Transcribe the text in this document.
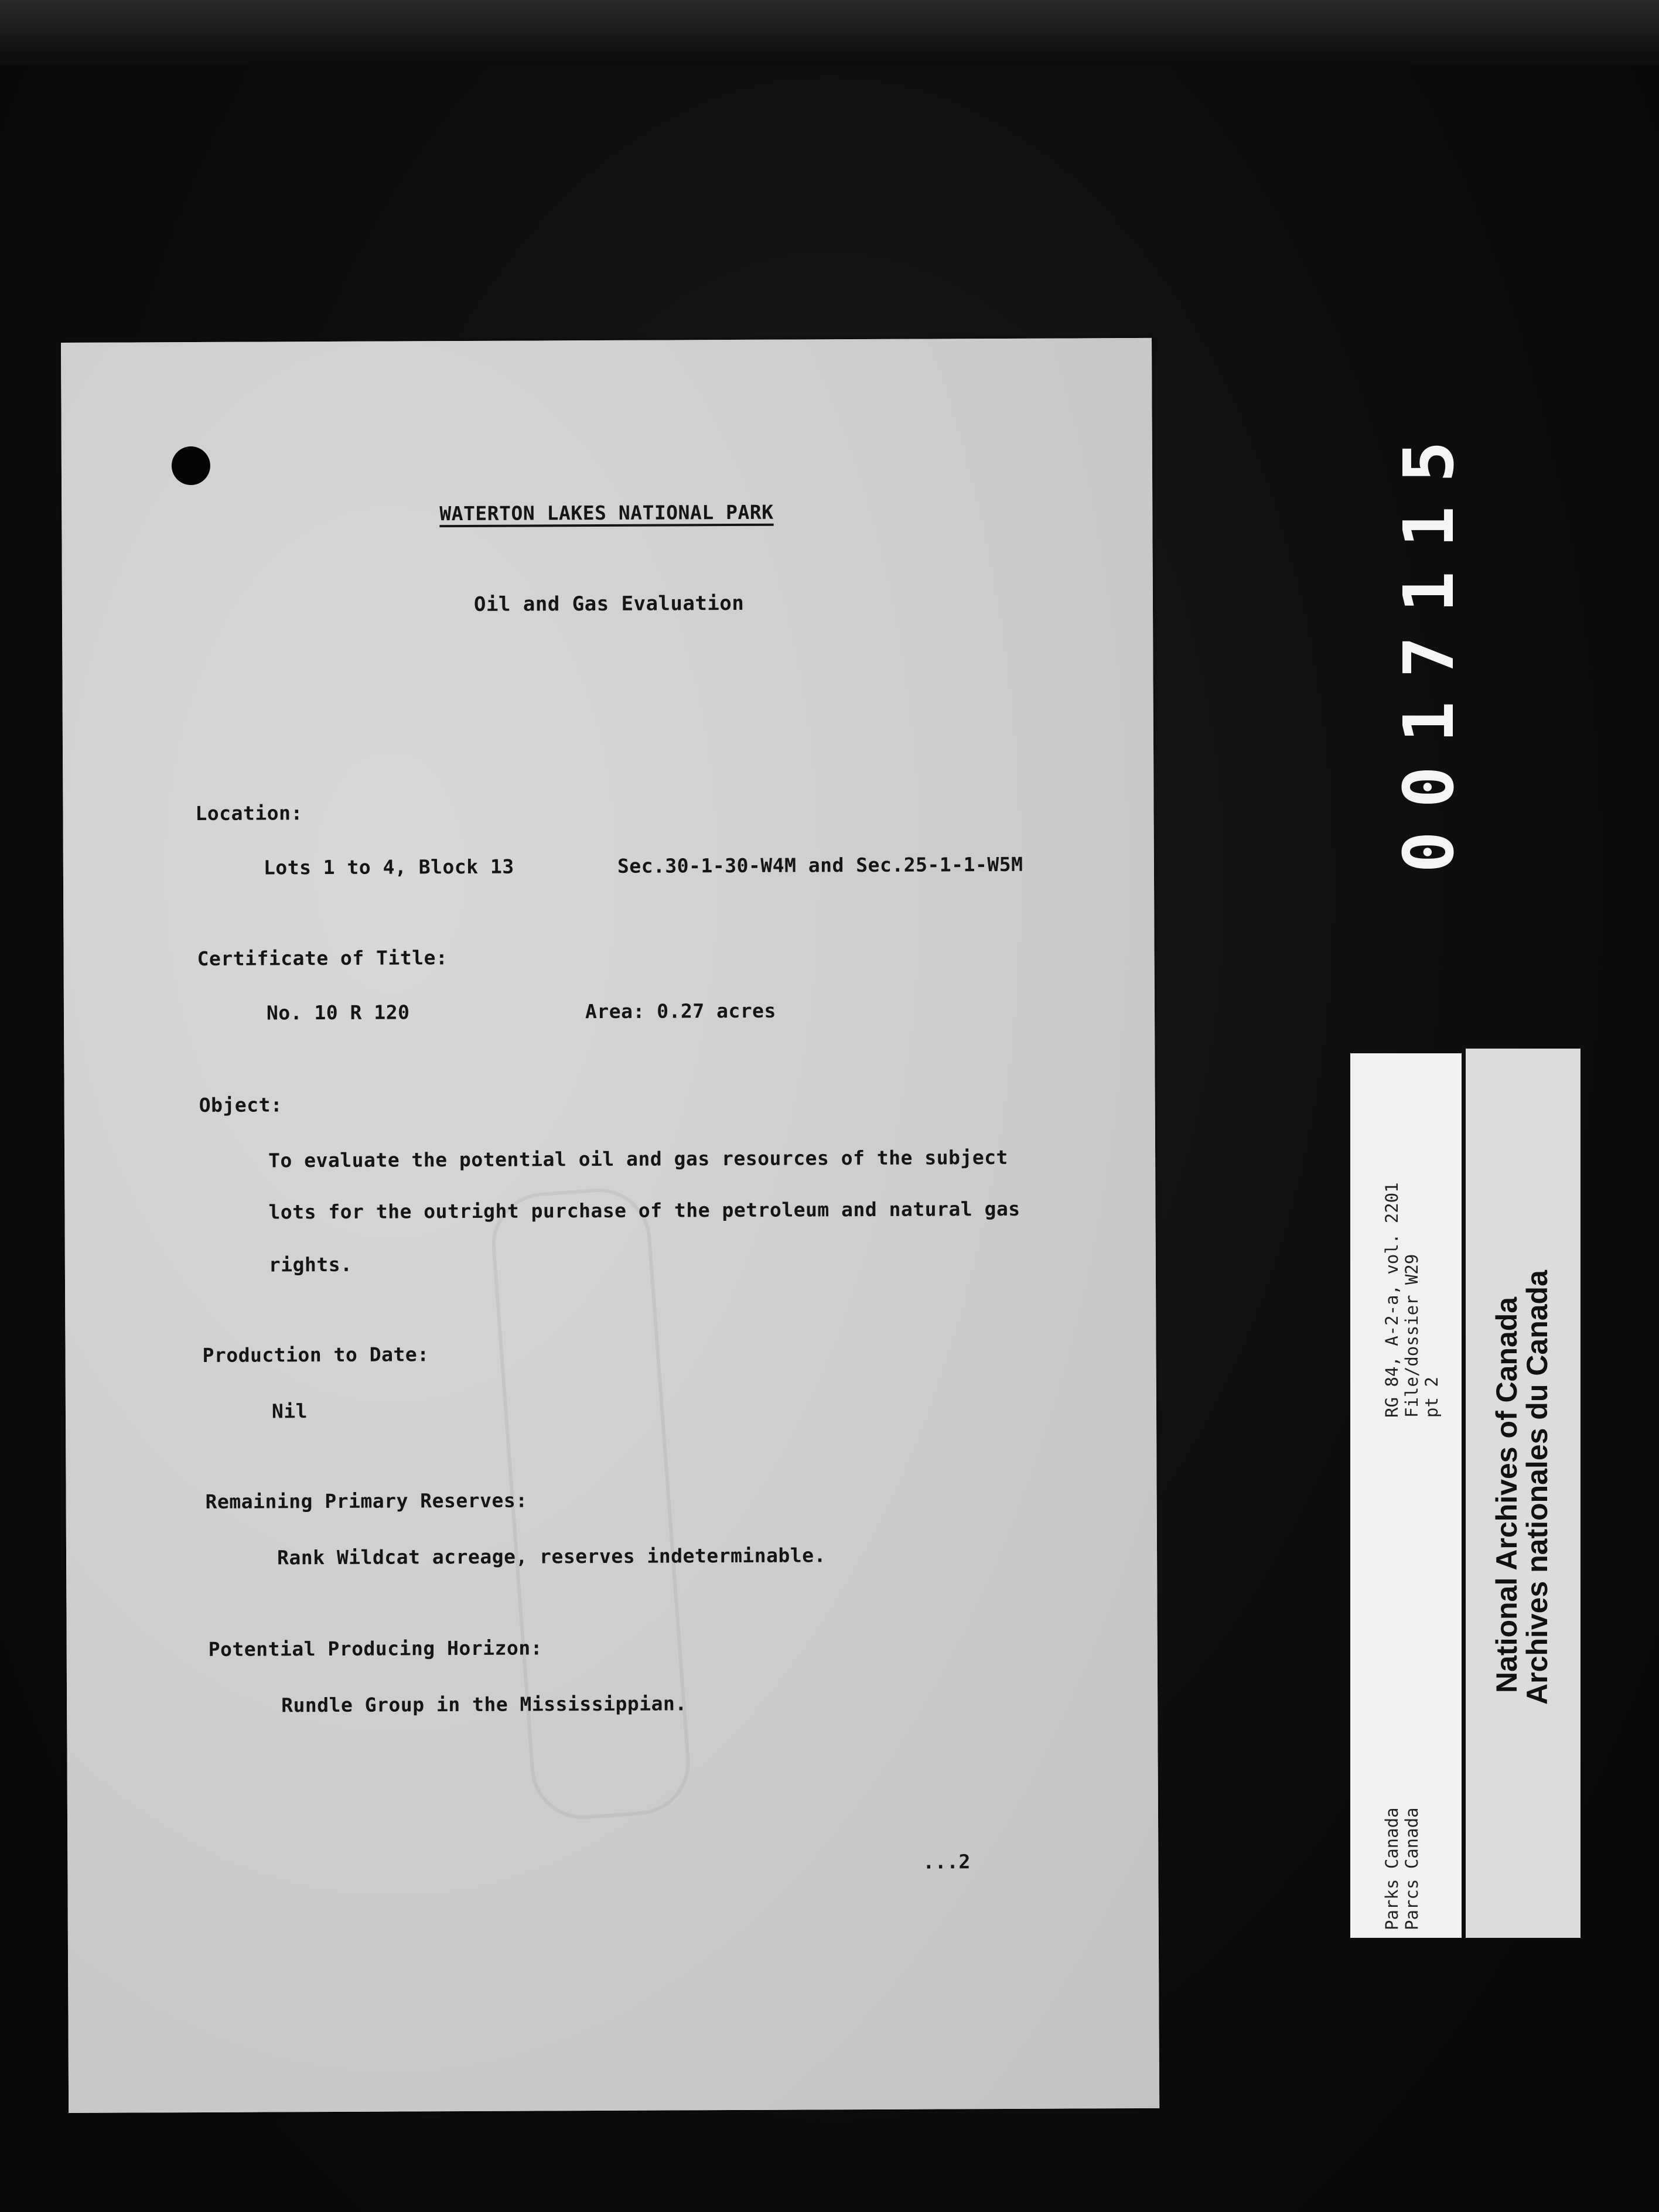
WATERTON LAKES NATIONAL PARK
Oil and Gas Evaluation
Location:
Lots 1 to 4, Block 13	Sec.30-1-30-W4M and Sec.25-1-1-W5M
Certificate of Title:
No. 10 R 120	Area: 0.27 acres
Object:
To evaluate the potential oil and gas resources of the subject
lots for the outright purchase of the petroleum and natural gas
rights.
Production to Date:
Nil
Remaining Primary Reserves:
Rank Wildcat acreage, reserves indeterminable.
Potential Producing Horizon:
Rundle Group in the Mississippian.
...2
0017115
RG 84, A-2-a, vol. 2201 File/dossier W29 pt 2
Parks Canada Parcs Canada
National Archives of Canada
Archives nationales du Canada
